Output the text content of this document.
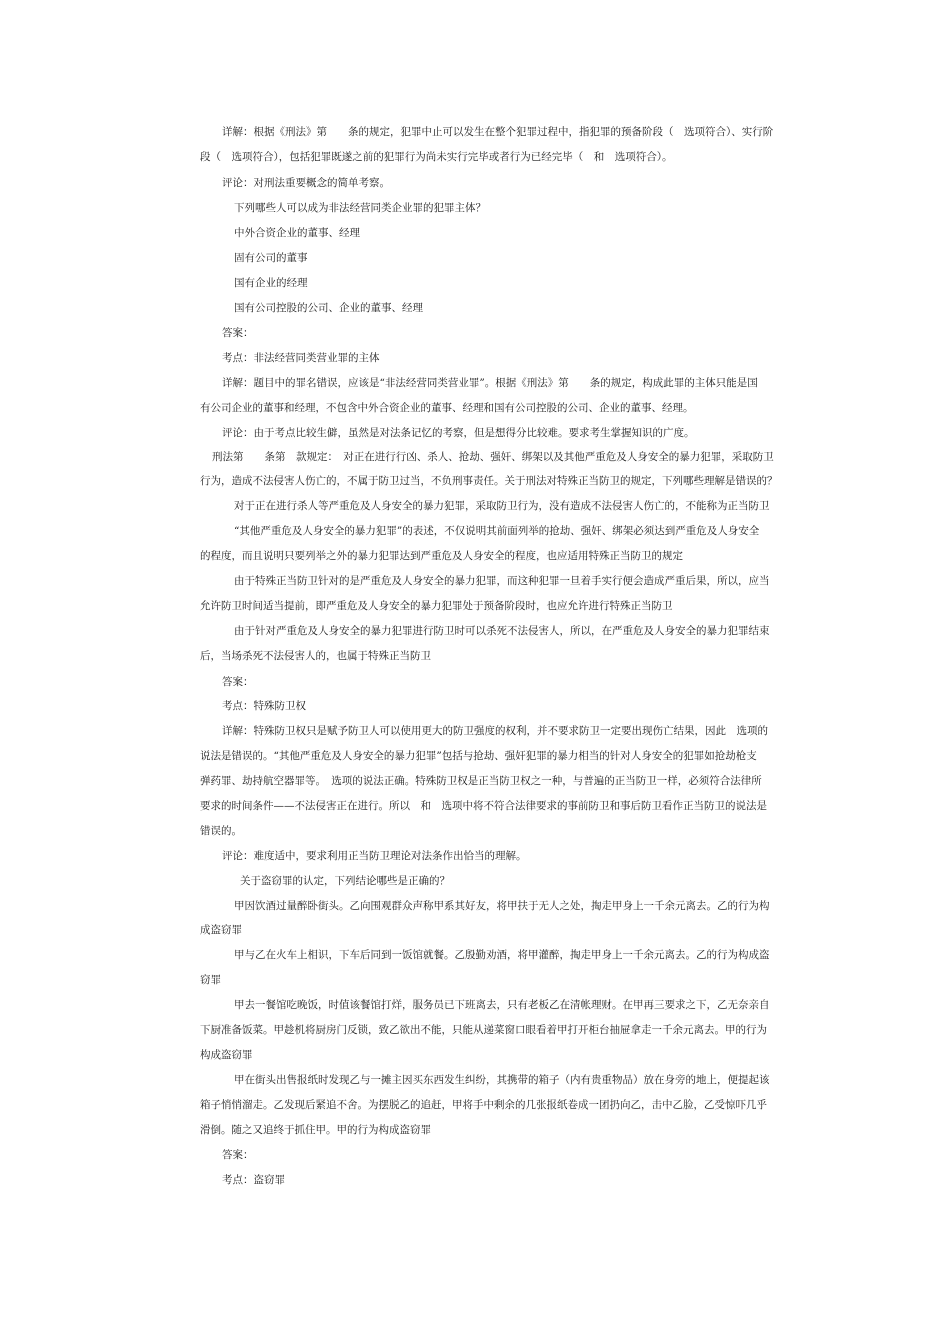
详解：根据《刑法》第　　条的规定，犯罪中止可以发生在整个犯罪过程中，指犯罪的预备阶段（　选项符合）、实行阶
段（　选项符合），包括犯罪既遂之前的犯罪行为尚未实行完毕或者行为已经完毕（　和　选项符合）。
评论：对刑法重要概念的简单考察。
下列哪些人可以成为非法经营同类企业罪的犯罪主体？
中外合资企业的董事、经理
固有公司的董事
国有企业的经理
国有公司控股的公司、企业的董事、经理
答案：
考点：非法经营同类营业罪的主体
详解：题目中的罪名错误，应该是“非法经营同类营业罪”。根据《刑法》第　　条的规定，构成此罪的主体只能是国
有公司企业的董事和经理，不包含中外合资企业的董事、经理和国有公司控股的公司、企业的董事、经理。
评论：由于考点比较生僻，虽然是对法条记忆的考察，但是想得分比较难。要求考生掌握知识的广度。
刑法第　　条第　款规定：　对正在进行行凶、杀人、抢劫、强奸、绑架以及其他严重危及人身安全的暴力犯罪，采取防卫
行为，造成不法侵害人伤亡的，不属于防卫过当，不负刑事责任。关于刑法对特殊正当防卫的规定，下列哪些理解是错误的？
对于正在进行杀人等严重危及人身安全的暴力犯罪，采取防卫行为，没有造成不法侵害人伤亡的，不能称为正当防卫
“其他严重危及人身安全的暴力犯罪”的表述，不仅说明其前面列举的抢劫、强奸、绑架必须达到严重危及人身安全
的程度，而且说明只要列举之外的暴力犯罪达到严重危及人身安全的程度，也应适用特殊正当防卫的规定
由于特殊正当防卫针对的是严重危及人身安全的暴力犯罪，而这种犯罪一旦着手实行便会造成严重后果，所以，应当
允许防卫时间适当提前，即严重危及人身安全的暴力犯罪处于预备阶段时，也应允许进行特殊正当防卫
由于针对严重危及人身安全的暴力犯罪进行防卫时可以杀死不法侵害人，所以，在严重危及人身安全的暴力犯罪结束
后，当场杀死不法侵害人的，也属于特殊正当防卫
答案：
考点：特殊防卫权
详解：特殊防卫权只是赋予防卫人可以使用更大的防卫强度的权利，并不要求防卫一定要出现伤亡结果，因此　选项的
说法是错误的。“其他严重危及人身安全的暴力犯罪”包括与抢劫、强奸犯罪的暴力相当的针对人身安全的犯罪如抢劫枪支
弹药罪、劫持航空器罪等。　选项的说法正确。特殊防卫权是正当防卫权之一种，与普遍的正当防卫一样，必须符合法律所
要求的时间条件——不法侵害正在进行。所以　和　选项中将不符合法律要求的事前防卫和事后防卫看作正当防卫的说法是
错误的。
评论：难度适中，要求利用正当防卫理论对法条作出恰当的理解。
关于盗窃罪的认定，下列结论哪些是正确的？
甲因饮酒过量醉卧街头。乙向围观群众声称甲系其好友，将甲扶于无人之处，掏走甲身上一千余元离去。乙的行为构
成盗窃罪
甲与乙在火车上相识，下车后同到一饭馆就餐。乙殷勤劝酒，将甲灌醉，掏走甲身上一千余元离去。乙的行为构成盗
窃罪
甲去一餐馆吃晚饭，时值该餐馆打烊，服务员已下班离去，只有老板乙在清帐理财。在甲再三要求之下，乙无奈亲自
下厨准备饭菜。甲趁机将厨房门反锁，致乙欲出不能，只能从递菜窗口眼看着甲打开柜台抽屉拿走一千余元离去。甲的行为
构成盗窃罪
甲在街头出售报纸时发现乙与一摊主因买东西发生纠纷，其携带的箱子（内有贵重物品）放在身旁的地上，便提起该
箱子悄悄溜走。乙发现后紧追不舍。为摆脱乙的追赶，甲将手中剩余的几张报纸卷成一团扔向乙，击中乙脸，乙受惊吓几乎
滑倒。随之又追终于抓住甲。甲的行为构成盗窃罪
答案：
考点：盗窃罪
